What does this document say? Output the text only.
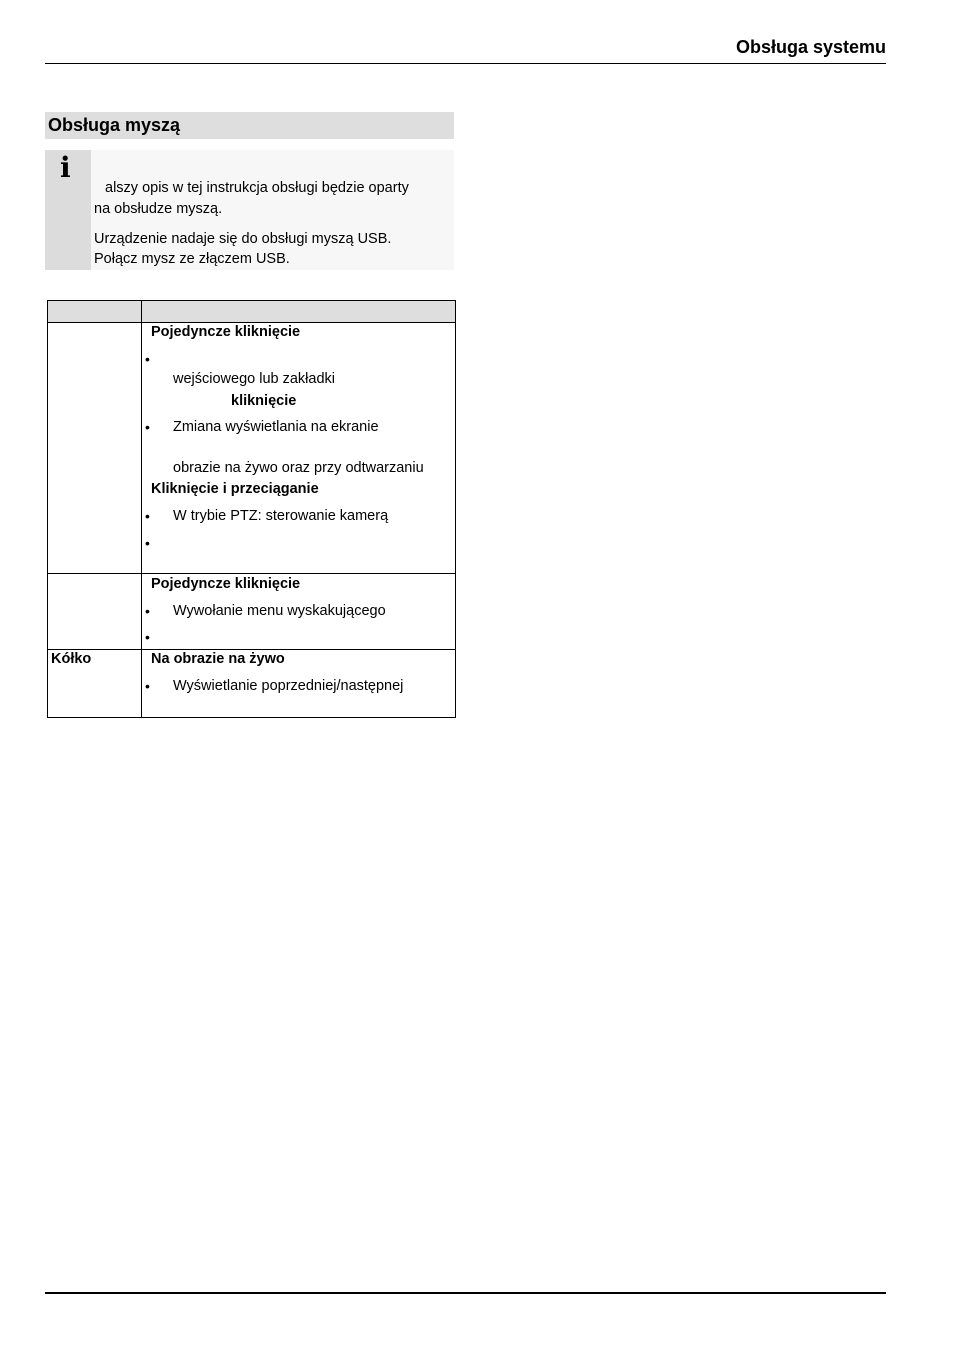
Obsługa systemu
Obsługa myszą
i
alszy opis w tej instrukcja obsługi będzie oparty
na obsłudze myszą.
Urządzenie nadaje się do obsługi myszą USB.
Połącz mysz ze złączem USB.
Pojedyncze kliknięcie
•
wejściowego lub zakładki
kliknięcie
• Zmiana wyświetlania na ekranie
obrazie na żywo oraz przy odtwarzaniu
Kliknięcie i przeciąganie
• W trybie PTZ: sterowanie kamerą
•
Pojedyncze kliknięcie
• Wywołanie menu wyskakującego
•
Kółko	Na obrazie na żywo
• Wyświetlanie poprzedniej/następnej
